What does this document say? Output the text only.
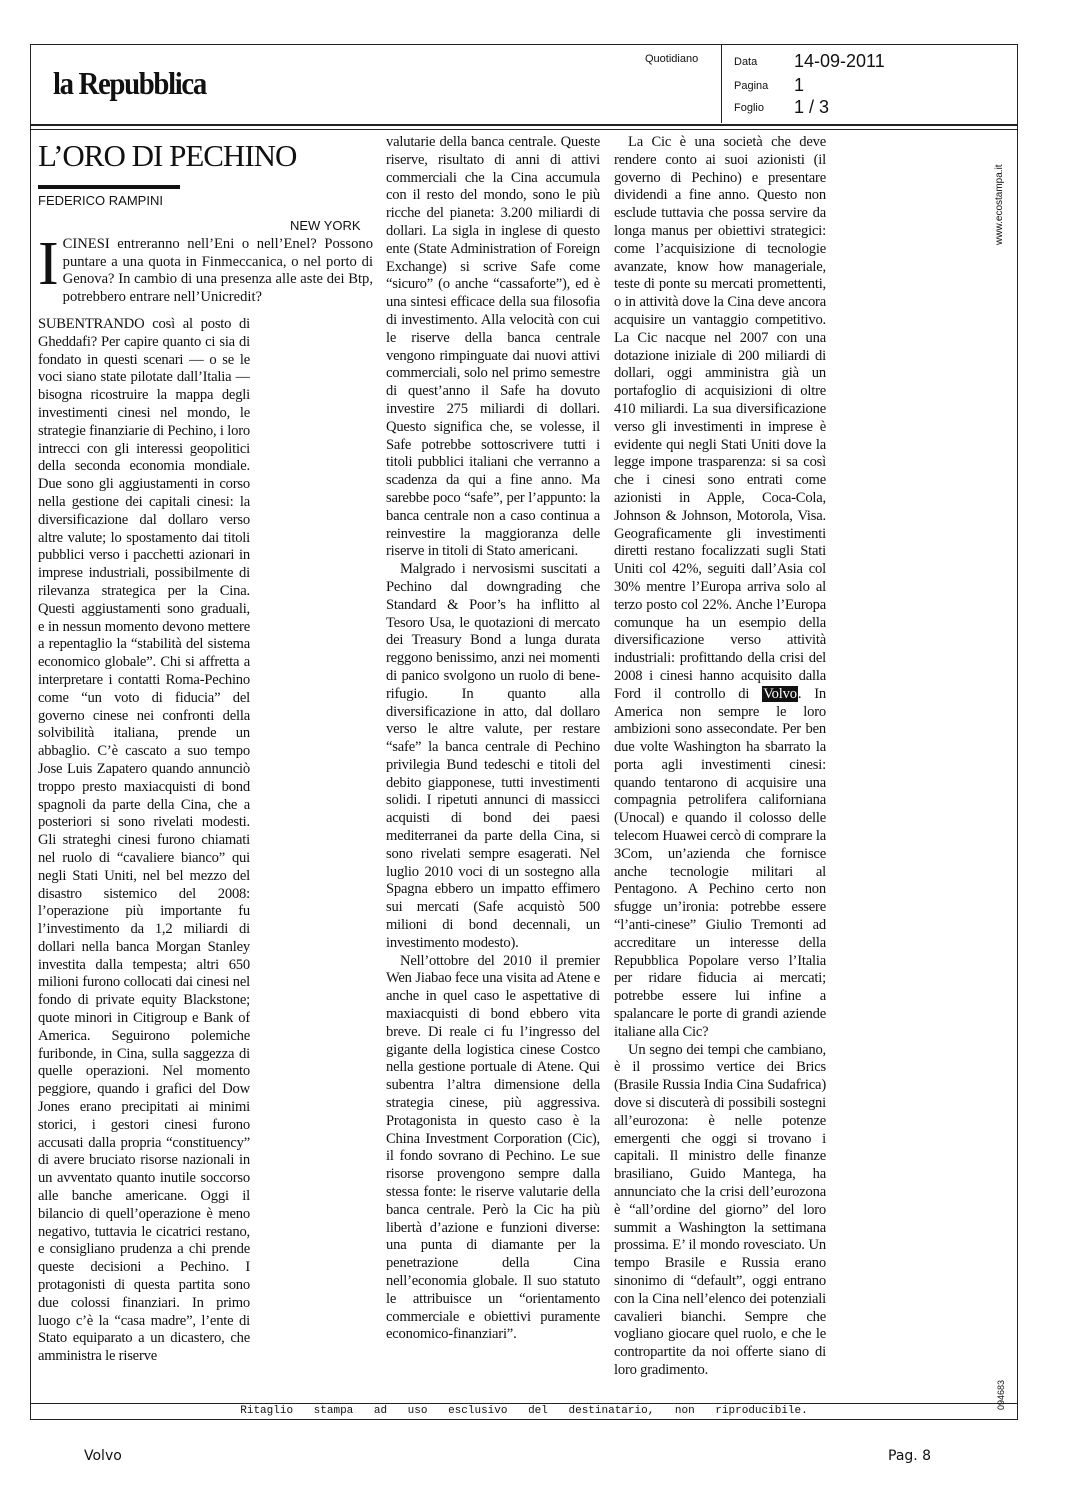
la Repubblica
Quotidiano	Data 14-09-2011
Pagina 1
Foglio 1 / 3
Ritaglio stampa ad uso esclusivo del destinatario, non riproducibile.
www.ecostampa.it
094683
L’ORO DI PECHINO
FEDERICO RAMPINI
NEW YORK
ICINESI entreranno nell’Eni o nell’Enel? Possono puntare a una quota in Finmeccanica, o nel porto di Genova? In cambio di una presenza alle aste dei Btp, potrebbero entrare nell’Unicredit?

SUBENTRANDO così al posto di Gheddafi? Per capire quanto ci sia di fondato in questi scenari — o se le voci siano state pilotate dall’Italia — bisogna ricostruire la mappa degli investimenti cinesi nel mondo, le strategie finanziarie di Pechino, i loro intrecci con gli interessi geopolitici della seconda economia mondiale. Due sono gli aggiustamenti in corso nella gestione dei capitali cinesi: la diversificazione dal dollaro verso altre valute; lo spostamento dai titoli pubblici verso i pacchetti azionari in imprese industriali, possibilmente di rilevanza strategica per la Cina. Questi aggiustamenti sono graduali, e in nessun momento devono mettere a repentaglio la “stabilità del sistema economico globale”. Chi si affretta a interpretare i contatti Roma-Pechino come “un voto di fiducia” del governo cinese nei confronti della solvibilità italiana, prende un abbaglio. C’è cascato a suo tempo Jose Luis Zapatero quando annunciò troppo presto maxiacquisti di bond spagnoli da parte della Cina, che a posteriori si sono rivelati modesti. Gli strateghi cinesi furono chiamati nel ruolo di “cavaliere bianco” qui negli Stati Uniti, nel bel mezzo del disastro sistemico del 2008: l’operazione più importante fu l’investimento da 1,2 miliardi di dollari nella banca Morgan Stanley investita dalla tempesta; altri 650 milioni furono collocati dai cinesi nel fondo di private equity Blackstone; quote minori in Citigroup e Bank of America. Seguirono polemiche furibonde, in Cina, sulla saggezza di quelle operazioni. Nel momento peggiore, quando i grafici del Dow Jones erano precipitati ai minimi storici, i gestori cinesi furono accusati dalla propria “constituency” di avere bruciato risorse nazionali in un avventato quanto inutile soccorso alle banche americane. Oggi il bilancio di quell’operazione è meno negativo, tuttavia le cicatrici restano, e consigliano prudenza a chi prende queste decisioni a Pechino. I protagonisti di questa partita sono due colossi finanziari. In primo luogo c’è la “casa madre”, l’ente di Stato equiparato a un dicastero, che amministra le riserve

valutarie della banca centrale. Queste riserve, risultato di anni di attivi commerciali che la Cina accumula con il resto del mondo, sono le più ricche del pianeta: 3.200 miliardi di dollari. La sigla in inglese di questo ente (State Administration of Foreign Exchange) si scrive Safe come “sicuro” (o anche “cassaforte”), ed è una sintesi efficace della sua filosofia di investimento. Alla velocità con cui le riserve della banca centrale vengono rimpinguate dai nuovi attivi commerciali, solo nel primo semestre di quest’anno il Safe ha dovuto investire 275 miliardi di dollari. Questo significa che, se volesse, il Safe potrebbe sottoscrivere tutti i titoli pubblici italiani che verranno a scadenza da qui a fine anno. Ma sarebbe poco “safe”, per l’appunto: la banca centrale non a caso continua a reinvestire la maggioranza delle riserve in titoli di Stato americani.

Malgrado i nervosismi suscitati a Pechino dal downgrading che Standard & Poor’s ha inflitto al Tesoro Usa, le quotazioni di mercato dei Treasury Bond a lunga durata reggono benissimo, anzi nei momenti di panico svolgono un ruolo di bene-rifugio. In quanto alla diversificazione in atto, dal dollaro verso le altre valute, per restare “safe” la banca centrale di Pechino privilegia Bund tedeschi e titoli del debito giapponese, tutti investimenti solidi. I ripetuti annunci di massicci acquisti di bond dei paesi mediterranei da parte della Cina, si sono rivelati sempre esagerati. Nel luglio 2010 voci di un sostegno alla Spagna ebbero un impatto effimero sui mercati (Safe acquistò 500 milioni di bond decennali, un investimento modesto).

Nell’ottobre del 2010 il premier Wen Jiabao fece una visita ad Atene e anche in quel caso le aspettative di maxiacquisti di bond ebbero vita breve. Di reale ci fu l’ingresso del gigante della logistica cinese Costco nella gestione portuale di Atene. Qui subentra l’altra dimensione della strategia cinese, più aggressiva. Protagonista in questo caso è la China Investment Corporation (Cic), il fondo sovrano di Pechino. Le sue risorse provengono sempre dalla stessa fonte: le riserve valutarie della banca centrale. Però la Cic ha più libertà d’azione e funzioni diverse: una punta di diamante per la penetrazione della Cina nell’economia globale. Il suo statuto le attribuisce un “orientamento commerciale e obiettivi puramente economico-finanziari”.

La Cic è una società che deve rendere conto ai suoi azionisti (il governo di Pechino) e presentare dividendi a fine anno. Questo non esclude tuttavia che possa servire da longa manus per obiettivi strategici: come l’acquisizione di tecnologie avanzate, know how manageriale, teste di ponte su mercati promettenti, o in attività dove la Cina deve ancora acquisire un vantaggio competitivo. La Cic nacque nel 2007 con una dotazione iniziale di 200 miliardi di dollari, oggi amministra già un portafoglio di acquisizioni di oltre 410 miliardi. La sua diversificazione verso gli investimenti in imprese è evidente qui negli Stati Uniti dove la legge impone trasparenza: si sa così che i cinesi sono entrati come azionisti in Apple, Coca-Cola, Johnson & Johnson, Motorola, Visa. Geograficamente gli investimenti diretti restano focalizzati sugli Stati Uniti col 42%, seguiti dall’Asia col 30% mentre l’Europa arriva solo al terzo posto col 22%. Anche l’Europa comunque ha un esempio della diversificazione verso attività industriali: profittando della crisi del 2008 i cinesi hanno acquisito dalla Ford il controllo di Volvo. In America non sempre le loro ambizioni sono assecondate. Per ben due volte Washington ha sbarrato la porta agli investimenti cinesi: quando tentarono di acquisire una compagnia petrolifera californiana (Unocal) e quando il colosso delle telecom Huawei cercò di comprare la 3Com, un’azienda che fornisce anche tecnologie militari al Pentagono. A Pechino certo non sfugge un’ironia: potrebbe essere “l’anti-cinese” Giulio Tremonti ad accreditare un interesse della Repubblica Popolare verso l’Italia per ridare fiducia ai mercati; potrebbe essere lui infine a spalancare le porte di grandi aziende italiane alla Cic?

Un segno dei tempi che cambiano, è il prossimo vertice dei Brics (Brasile Russia India Cina Sudafrica) dove si discuterà di possibili sostegni all’eurozona: è nelle potenze emergenti che oggi si trovano i capitali. Il ministro delle finanze brasiliano, Guido Mantega, ha annunciato che la crisi dell’eurozona è “all’ordine del giorno” del loro summit a Washington la settimana prossima. E’ il mondo rovesciato. Un tempo Brasile e Russia erano sinonimo di “default”, oggi entrano con la Cina nell’elenco dei potenziali cavalieri bianchi. Sempre che vogliano giocare quel ruolo, e che le contropartite da noi offerte siano di loro gradimento.

Volvo	Pag. 8
